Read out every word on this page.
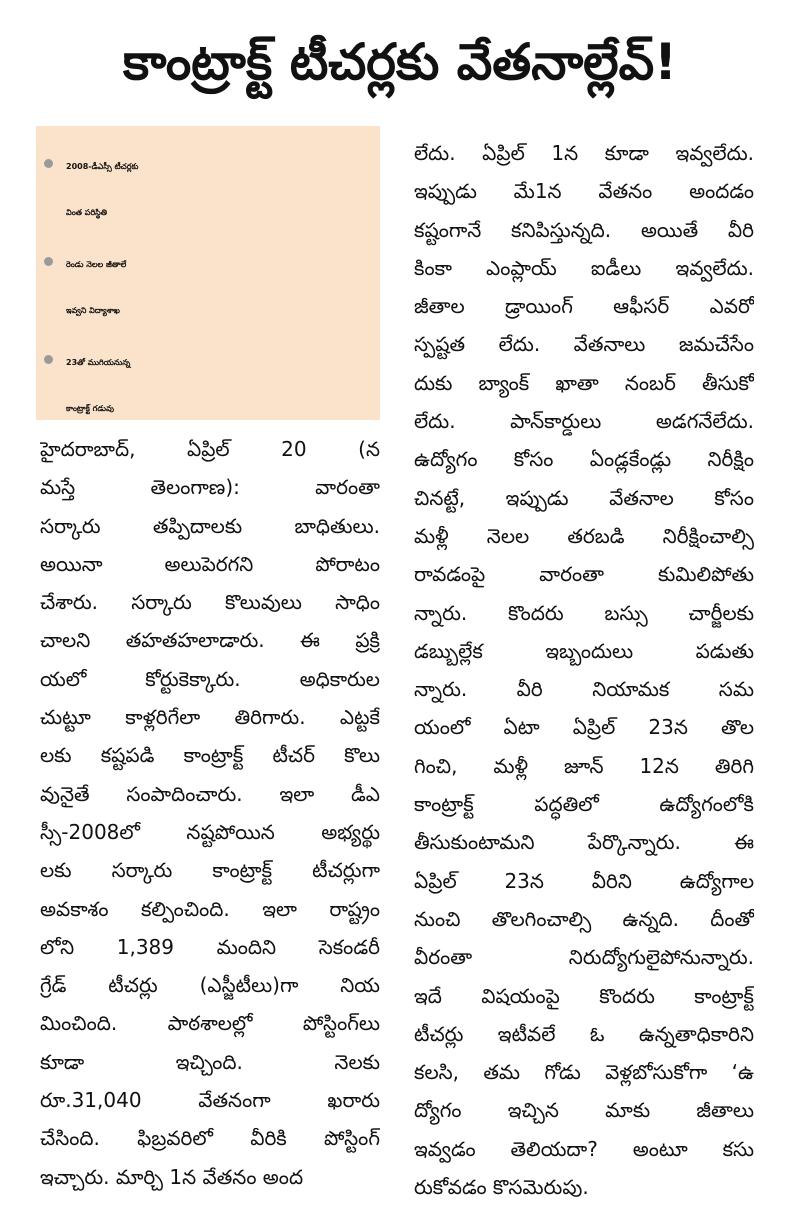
కాంట్రాక్ట్ టీచర్లకు వేతనాల్లేవ్!
2008-డీఎస్సీ టీచర్లకు
వింత పరిస్థితి
రెండు నెలల జీతాలే
ఇవ్వని విద్యాశాఖ
23తో ముగియనున్న
కాంట్రాక్ట్ గడువు
హైదరాబాద్, ఏప్రిల్ 20 (న
మస్తే తెలంగాణ): వారంతా
సర్కారు తప్పిదాలకు బాధితులు.
అయినా అలుపెరగని పోరాటం
చేశారు. సర్కారు కొలువులు సాధిం
చాలని తహతహలాడారు. ఈ ప్రక్రి
యలో కోర్టుకెక్కారు. అధికారుల
చుట్టూ కాళ్లరిగేలా తిరిగారు. ఎట్టకే
లకు కష్టపడి కాంట్రాక్ట్ టీచర్ కొలు
వునైతే సంపాదించారు. ఇలా డీఎ
స్సీ-2008లో నష్టపోయిన అభ్యర్థు
లకు సర్కారు కాంట్రాక్ట్ టీచర్లుగా
అవకాశం కల్పించింది. ఇలా రాష్ట్రం
లోని 1,389 మందిని సెకండరీ
గ్రేడ్ టీచర్లు (ఎస్జీటీలు)గా నియ
మించింది. పాఠశాలల్లో పోస్టింగ్‌లు
కూడా ఇచ్చింది. నెలకు
రూ.31,040 వేతనంగా ఖరారు
చేసింది. ఫిబ్రవరిలో వీరికి పోస్టింగ్
ఇచ్చారు. మార్చి 1న వేతనం అంద
లేదు. ఏప్రిల్ 1న కూడా ఇవ్వలేదు.
ఇప్పుడు మే1న వేతనం అందడం
కష్టంగానే కనిపిస్తున్నది. అయితే వీరి
కింకా ఎంప్లాయ్ ఐడీలు ఇవ్వలేదు.
జీతాల డ్రాయింగ్ ఆఫీసర్ ఎవరో
స్పష్టత లేదు. వేతనాలు జమచేసేం
దుకు బ్యాంక్ ఖాతా నంబర్ తీసుకో
లేదు. పాన్‌కార్డులు అడగనేలేదు.
ఉద్యోగం కోసం ఏండ్లకేండ్లు నిరీక్షిం
చినట్టే, ఇప్పుడు వేతనాల కోసం
మళ్లీ నెలల తరబడి నిరీక్షించాల్సి
రావడంపై వారంతా కుమిలిపోతు
న్నారు. కొందరు బస్సు చార్జీలకు
డబ్బుల్లేక ఇబ్బందులు పడుతు
న్నారు. వీరి నియామక సమ
యంలో ఏటా ఏప్రిల్ 23న తొల
గించి, మళ్లీ జూన్ 12న తిరిగి
కాంట్రాక్ట్ పద్ధతిలో ఉద్యోగంలోకి
తీసుకుంటామని పేర్కొన్నారు. ఈ
ఏప్రిల్ 23న వీరిని ఉద్యోగాల
నుంచి తొలగించాల్సి ఉన్నది. దీంతో
వీరంతా నిరుద్యోగులైపోనున్నారు.
ఇదే విషయంపై కొందరు కాంట్రాక్ట్
టీచర్లు ఇటీవలే ఓ ఉన్నతాధికారిని
కలసి, తమ గోడు వెళ్లబోసుకోగా ‘ఉ
ద్యోగం ఇచ్చిన మాకు జీతాలు
ఇవ్వడం తెలియదా? అంటూ కసు
రుకోవడం కొసమెరుపు.
